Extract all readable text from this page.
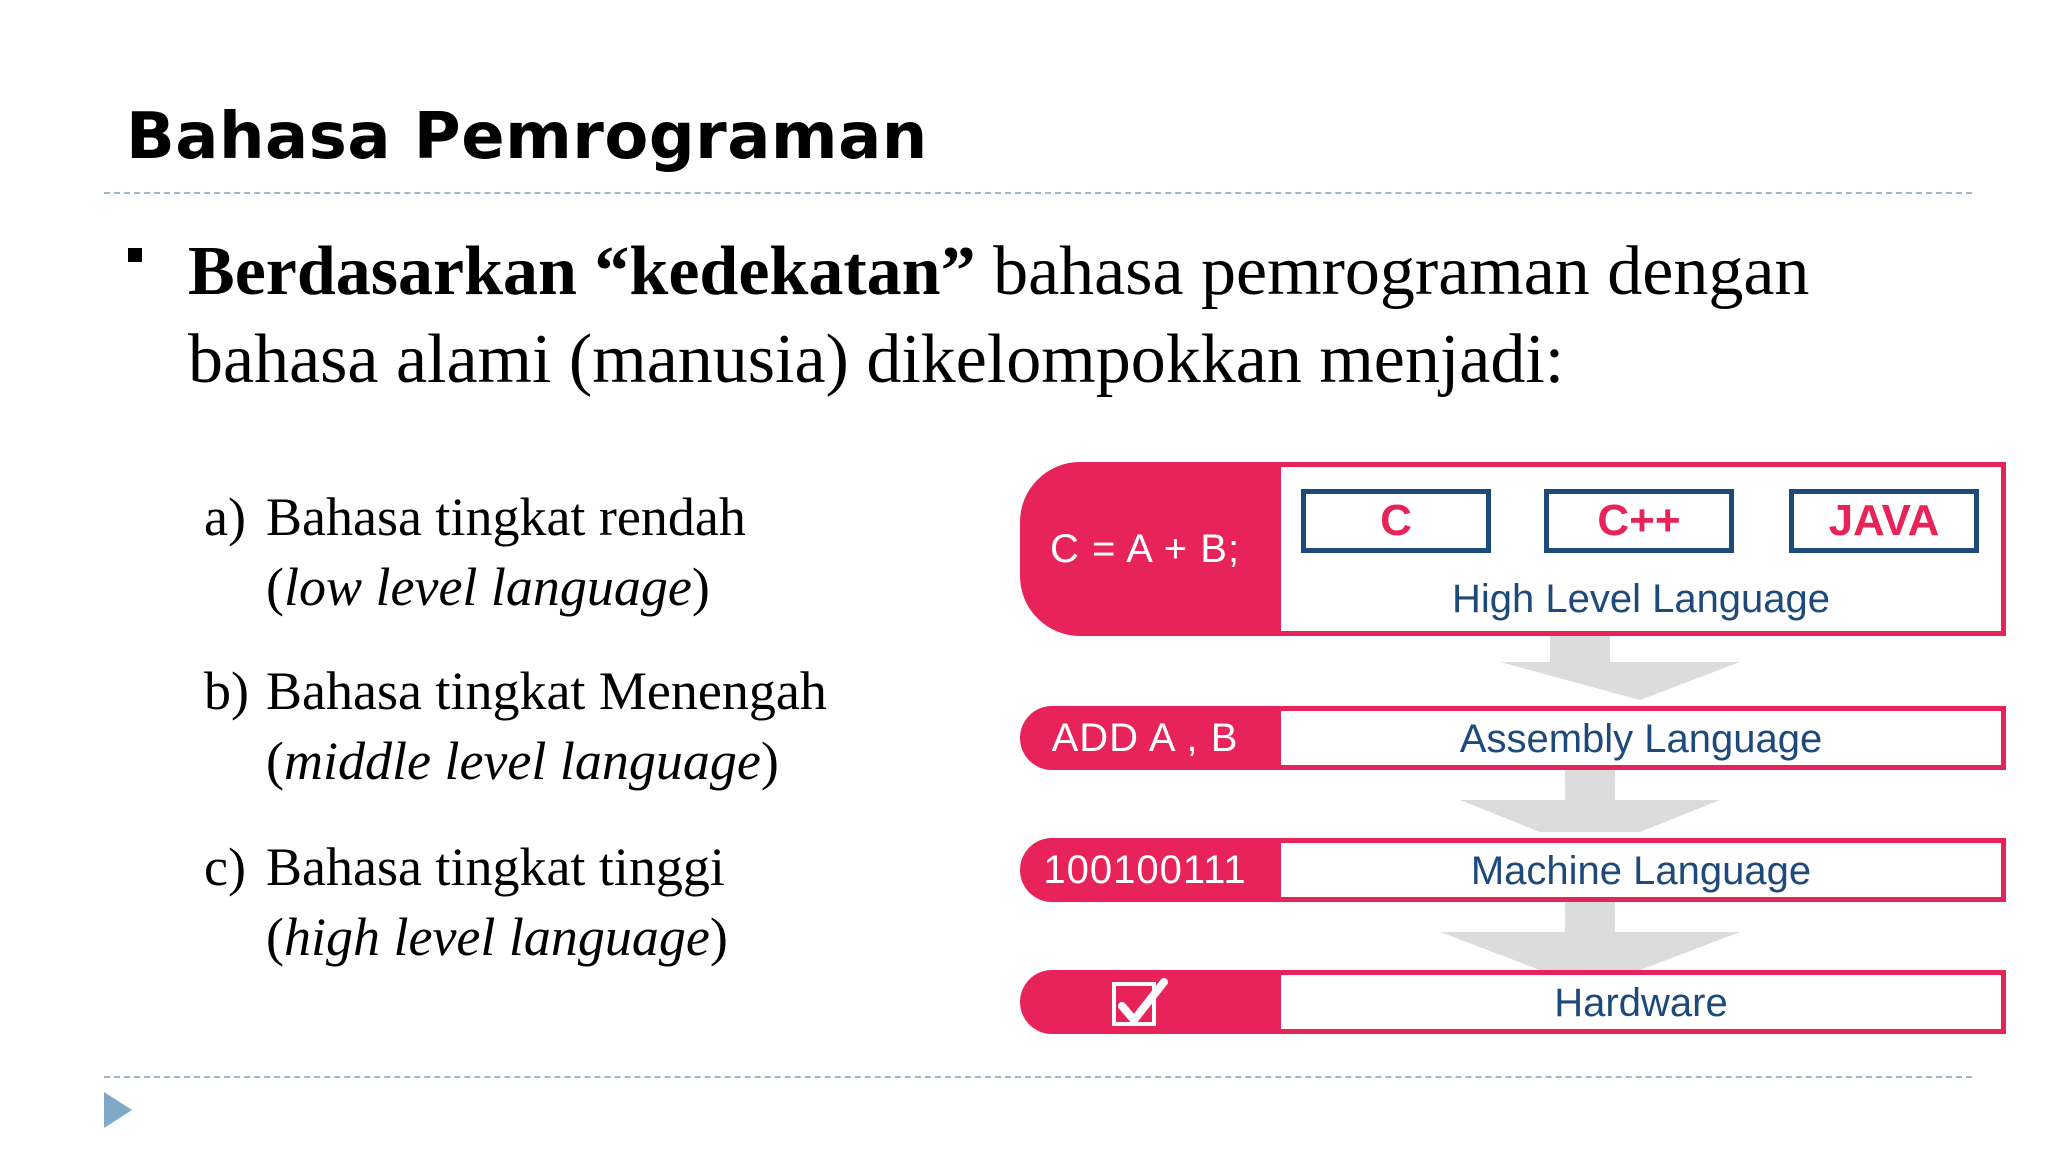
Bahasa Pemrograman
Berdasarkan “kedekatan” bahasa pemrograman dengan bahasa alami (manusia) dikelompokkan menjadi:
a) Bahasa tingkat rendah
(low level language)
b) Bahasa tingkat Menengah
(middle level language)
c) Bahasa tingkat tinggi
(high level language)
C = A + B;
C	C++	JAVA
High Level Language
ADD A , B	Assembly Language
100100111	Machine Language
Hardware
